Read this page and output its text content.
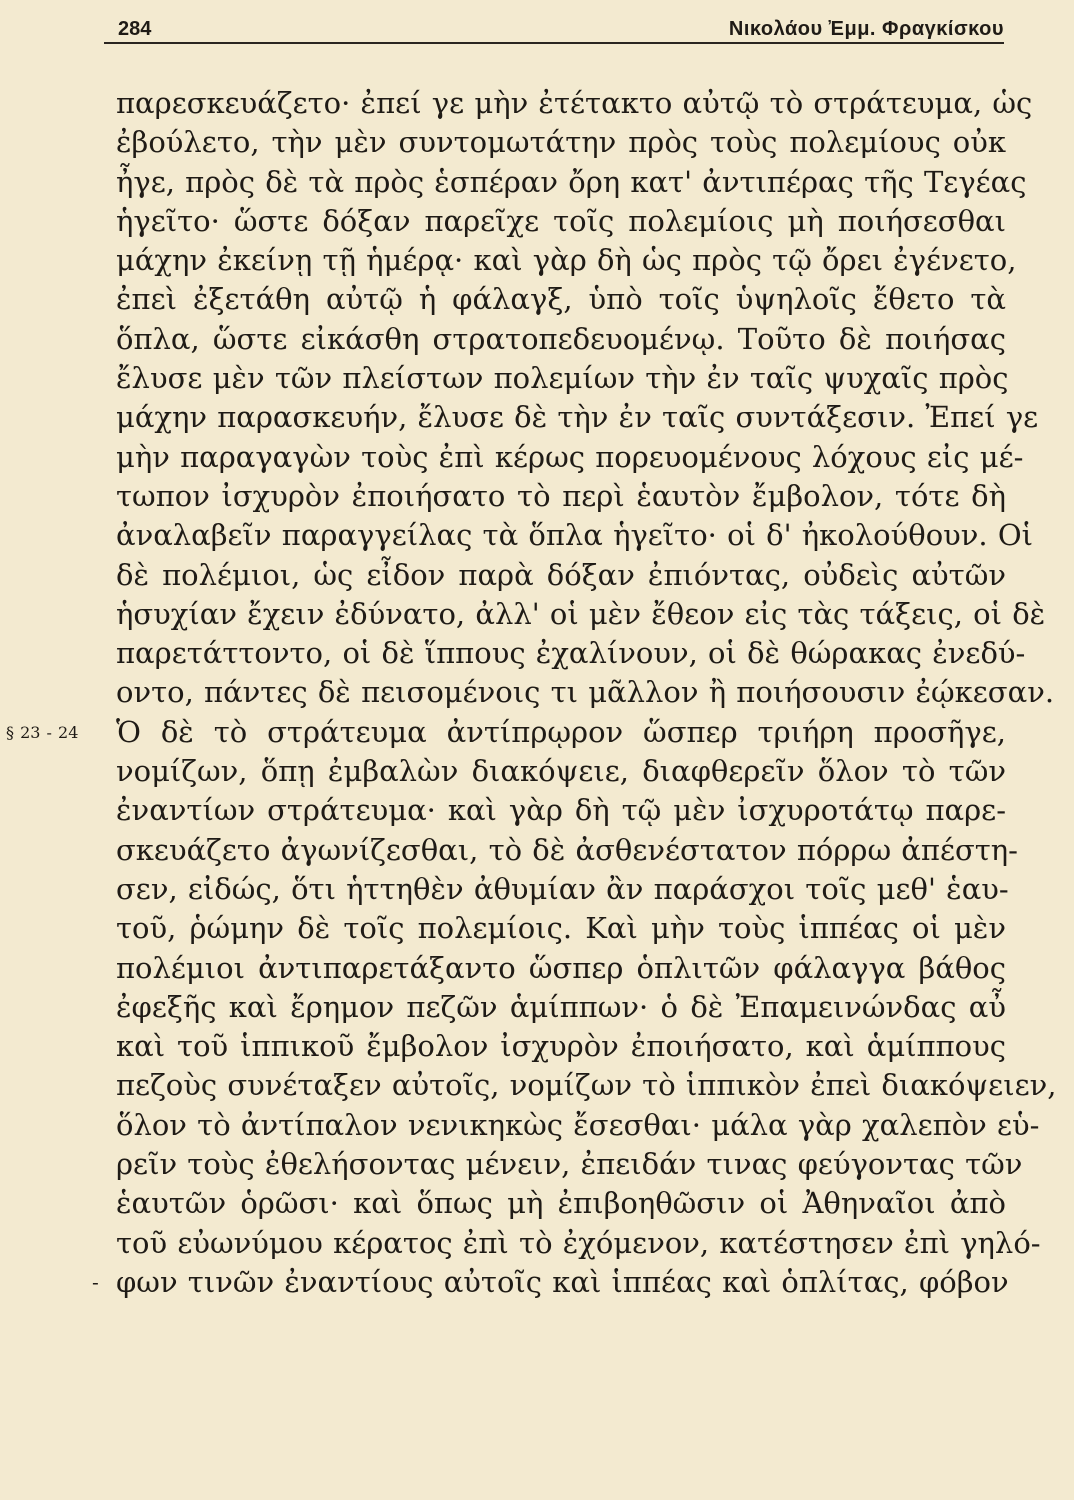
284	Νικολάου Ἐμμ. Φραγκίσκου
παρεσκευάζετο· ἐπεί γε μὴν ἐτέτακτο αὐτῷ τὸ στράτευμα, ὡς
ἐβούλετο, τὴν μὲν συντομωτάτην πρὸς τοὺς πολεμίους οὐκ
ἦγε, πρὸς δὲ τὰ πρὸς ἑσπέραν ὄρη κατ' ἀντιπέρας τῆς Τεγέας
ἡγεῖτο· ὥστε δόξαν παρεῖχε τοῖς πολεμίοις μὴ ποιήσεσθαι
μάχην ἐκείνῃ τῇ ἡμέρᾳ· καὶ γὰρ δὴ ὡς πρὸς τῷ ὄρει ἐγένετο,
ἐπεὶ ἐξετάθη αὐτῷ ἡ φάλαγξ, ὑπὸ τοῖς ὑψηλοῖς ἔθετο τὰ
ὅπλα, ὥστε εἰκάσθη στρατοπεδευομένῳ. Τοῦτο δὲ ποιήσας
ἔλυσε μὲν τῶν πλείστων πολεμίων τὴν ἐν ταῖς ψυχαῖς πρὸς
μάχην παρασκευήν, ἔλυσε δὲ τὴν ἐν ταῖς συντάξεσιν. Ἐπεί γε
μὴν παραγαγὼν τοὺς ἐπὶ κέρως πορευομένους λόχους εἰς μέ-
τωπον ἰσχυρὸν ἐποιήσατο τὸ περὶ ἑαυτὸν ἔμβολον, τότε δὴ
ἀναλαβεῖν παραγγείλας τὰ ὅπλα ἡγεῖτο· οἱ δ' ἠκολούθουν. Οἱ
δὲ πολέμιοι, ὡς εἶδον παρὰ δόξαν ἐπιόντας, οὐδεὶς αὐτῶν
ἡσυχίαν ἔχειν ἐδύνατο, ἀλλ' οἱ μὲν ἔθεον εἰς τὰς τάξεις, οἱ δὲ
παρετάττοντο, οἱ δὲ ἵππους ἐχαλίνουν, οἱ δὲ θώρακας ἐνεδύ-
οντο, πάντες δὲ πεισομένοις τι μᾶλλον ἢ ποιήσουσιν ἐῴκεσαν.
§ 23 - 24 Ὁ δὲ τὸ στράτευμα ἀντίπρῳρον ὥσπερ τριήρη προσῆγε,
νομίζων, ὅπῃ ἐμβαλὼν διακόψειε, διαφθερεῖν ὅλον τὸ τῶν
ἐναντίων στράτευμα· καὶ γὰρ δὴ τῷ μὲν ἰσχυροτάτῳ παρε-
σκευάζετο ἀγωνίζεσθαι, τὸ δὲ ἀσθενέστατον πόρρω ἀπέστη-
σεν, εἰδώς, ὅτι ἡττηθὲν ἀθυμίαν ἂν παράσχοι τοῖς μεθ' ἑαυ-
τοῦ, ῥώμην δὲ τοῖς πολεμίοις. Καὶ μὴν τοὺς ἱππέας οἱ μὲν
πολέμιοι ἀντιπαρετάξαντο ὥσπερ ὁπλιτῶν φάλαγγα βάθος
ἐφεξῆς καὶ ἔρημον πεζῶν ἁμίππων· ὁ δὲ Ἐπαμεινώνδας αὖ
καὶ τοῦ ἱππικοῦ ἔμβολον ἰσχυρὸν ἐποιήσατο, καὶ ἁμίππους
πεζοὺς συνέταξεν αὐτοῖς, νομίζων τὸ ἱππικὸν ἐπεὶ διακόψειεν,
ὅλον τὸ ἀντίπαλον νενικηκὼς ἔσεσθαι· μάλα γὰρ χαλεπὸν εὑ-
ρεῖν τοὺς ἐθελήσοντας μένειν, ἐπειδάν τινας φεύγοντας τῶν
ἑαυτῶν ὁρῶσι· καὶ ὅπως μὴ ἐπιβοηθῶσιν οἱ Ἀθηναῖοι ἀπὸ
τοῦ εὐωνύμου κέρατος ἐπὶ τὸ ἐχόμενον, κατέστησεν ἐπὶ γηλό-
- φων τινῶν ἐναντίους αὐτοῖς καὶ ἱππέας καὶ ὁπλίτας, φόβον
